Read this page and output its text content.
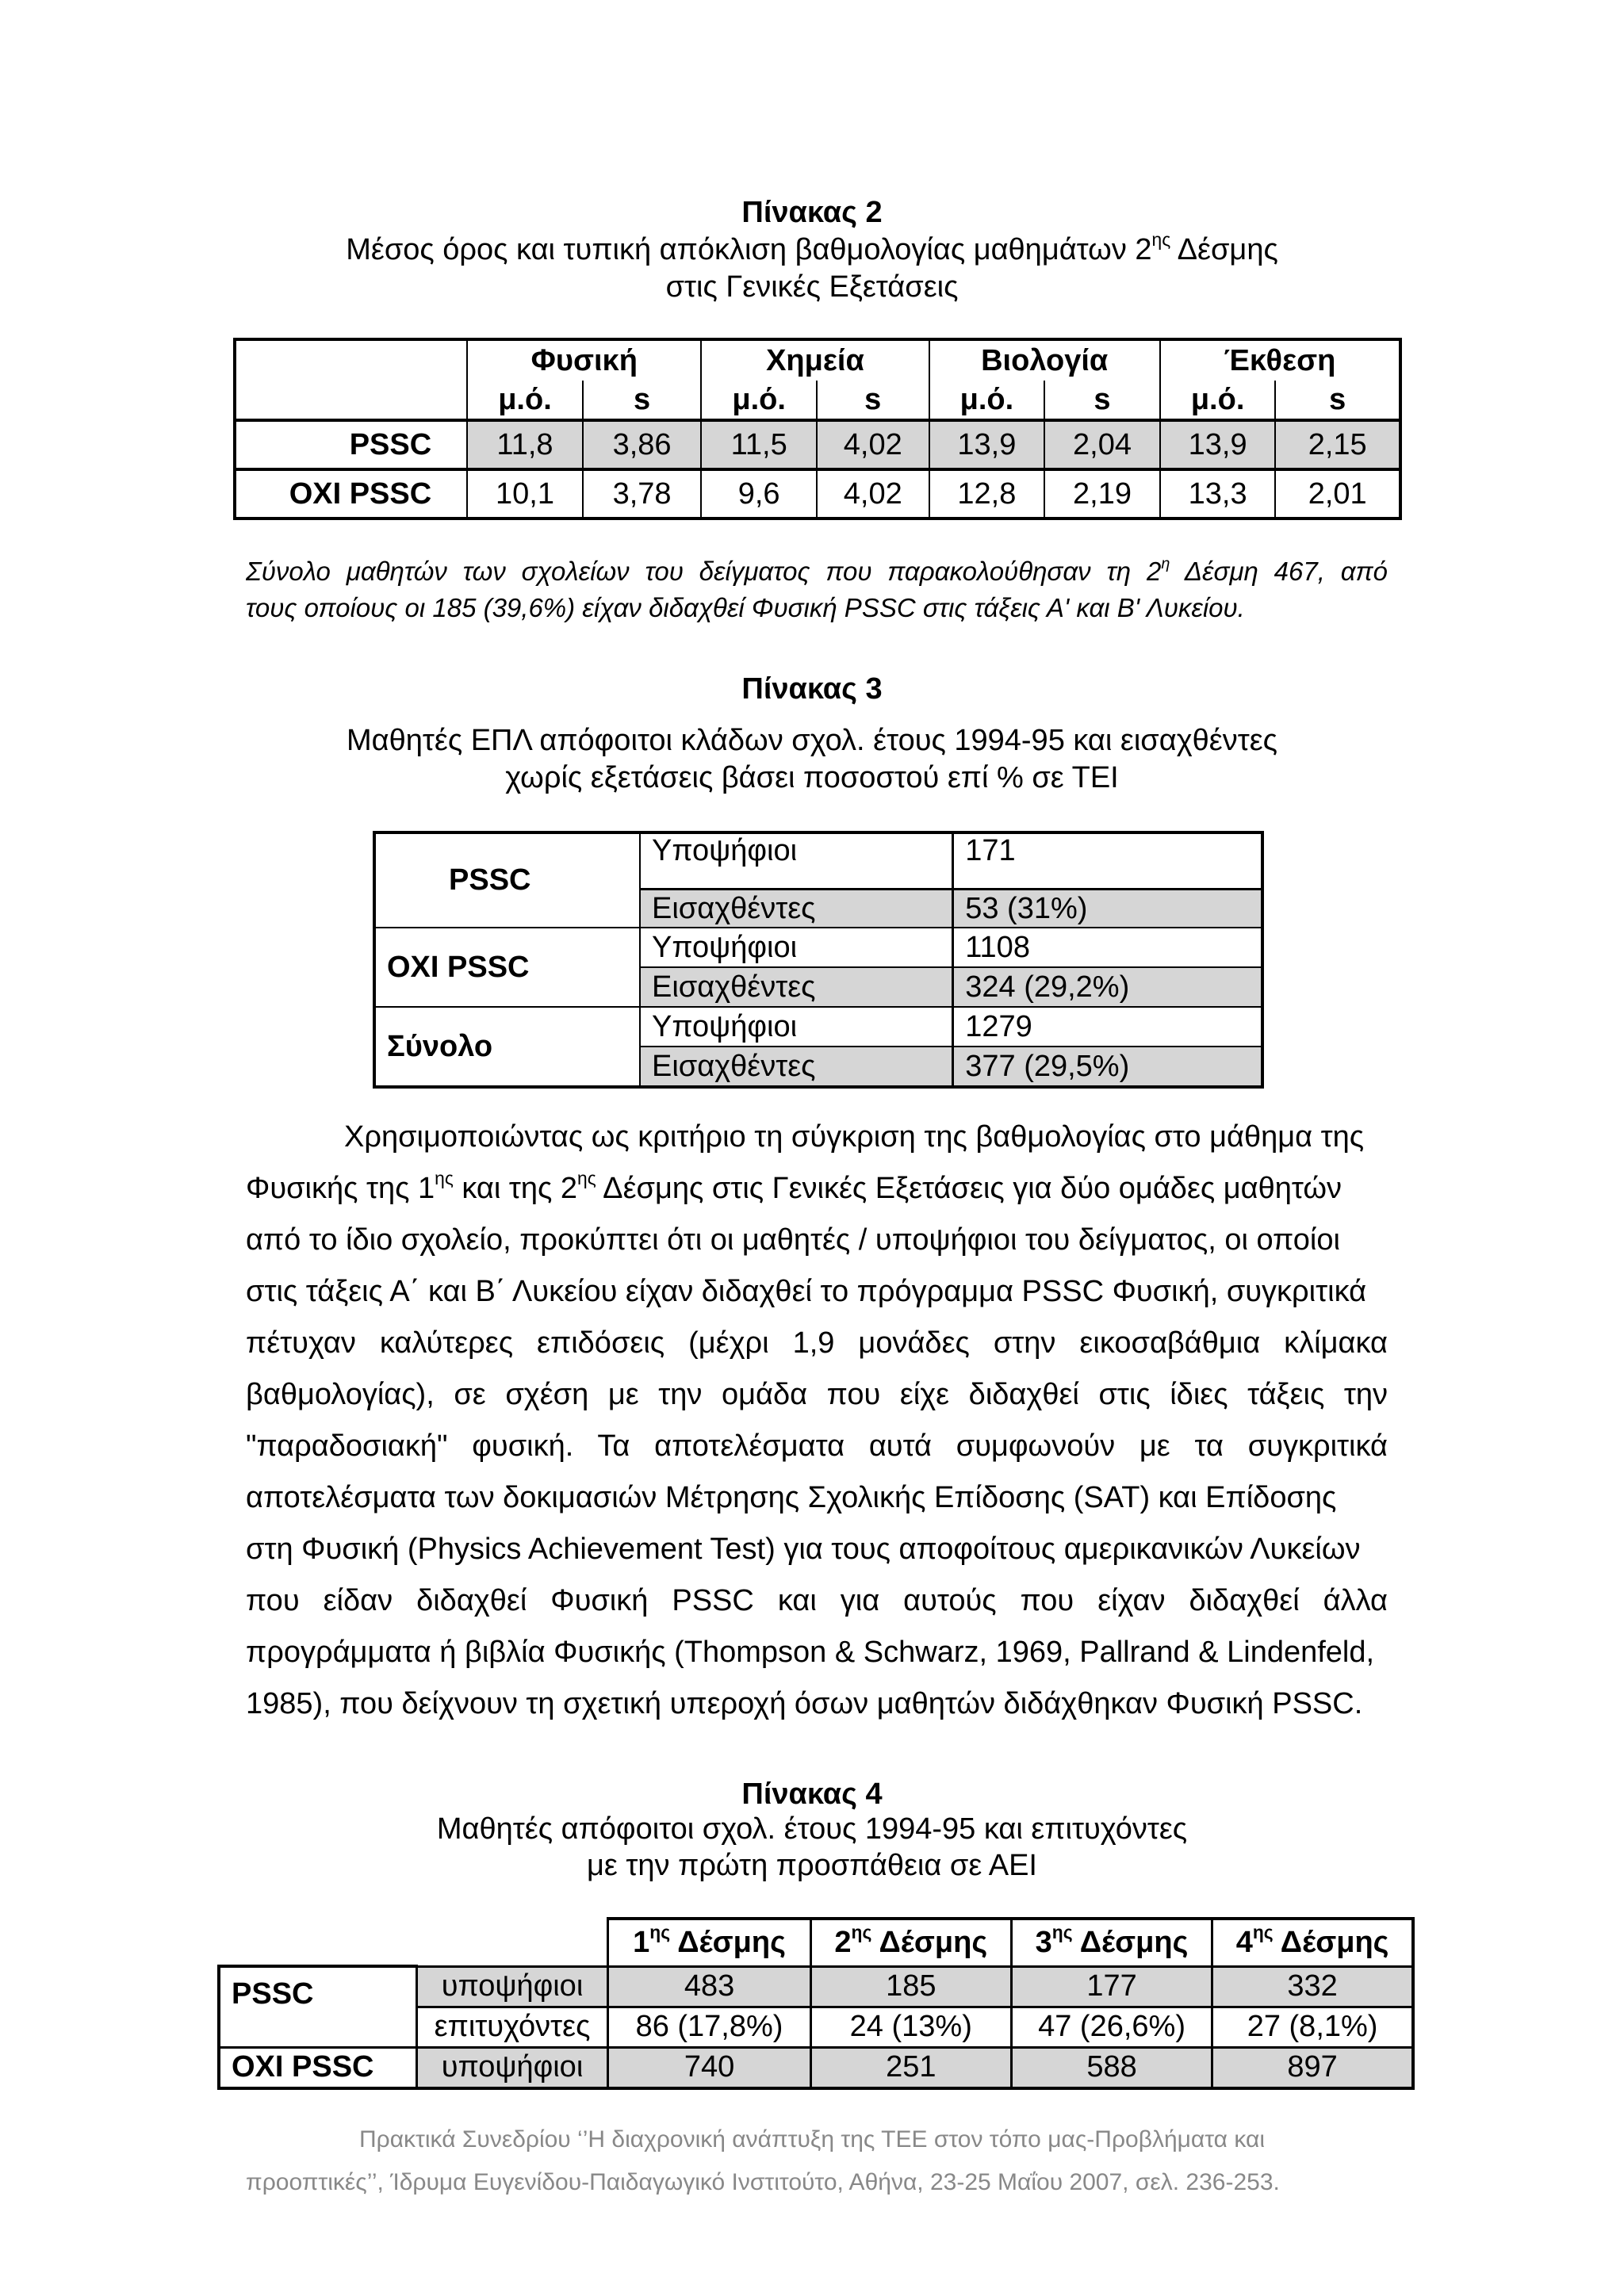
Πίνακας 2
Μέσος όρος και τυπική απόκλιση βαθμολογίας μαθημάτων $2^{\eta\varsigma}$ Δέσμης
στις Γενικές Εξετάσεις
	Φυσική		Χημεία		Βιολογία		Έκθεση	
	μ.ό.	s	μ.ό.	s	μ.ό.	s	μ.ό.	s
PSSC	11,8	3,86	11,5	4,02	13,9	2,04	13,9	2,15
ΟΧΙ PSSC	10,1	3,78	9,6	4,02	12,8	2,19	13,3	2,01
Σύνολο μαθητών των σχολείων του δείγματος που παρακολούθησαν τη $2^\eta$ Δέσμη 467, από
τους οποίους οι 185 (39,6%) είχαν διδαχθεί Φυσική PSSC στις τάξεις Α' και Β' Λυκείου.
Πίνακας 3
Μαθητές ΕΠΛ απόφοιτοι κλάδων σχολ. έτους 1994-95 και εισαχθέντες
χωρίς εξετάσεις βάσει ποσοστού επί % σε ΤΕΙ
PSSC	Υποψήφιοι	171
	Εισαχθέντες	53 (31%)
ΟΧΙ PSSC	Υποψήφιοι	1108
	Εισαχθέντες	324 (29,2%)
Σύνολο	Υποψήφιοι	1279
	Εισαχθέντες	377 (29,5%)
Χρησιμοποιώντας ως κριτήριο τη σύγκριση της βαθμολογίας στο μάθημα της
Φυσικής της $1^{\eta\varsigma}$ και της $2^{\eta\varsigma}$ Δέσμης στις Γενικές Εξετάσεις για δύο ομάδες μαθητών
από το ίδιο σχολείο, προκύπτει ότι οι μαθητές / υποψήφιοι του δείγματος, οι οποίοι
στις τάξεις Α΄ και Β΄ Λυκείου είχαν διδαχθεί το πρόγραμμα PSSC Φυσική, συγκριτικά
πέτυχαν καλύτερες επιδόσεις (μέχρι 1,9 μονάδες στην εικοσαβάθμια κλίμακα
βαθμολογίας), σε σχέση με την ομάδα που είχε διδαχθεί στις ίδιες τάξεις την
"παραδοσιακή" φυσική. Τα αποτελέσματα αυτά συμφωνούν με τα συγκριτικά
αποτελέσματα των δοκιμασιών Μέτρησης Σχολικής Επίδοσης (SAT) και Επίδοσης
στη Φυσική (Physics Achievement Test) για τους αποφοίτους αμερικανικών Λυκείων
που είδαν διδαχθεί Φυσική PSSC και για αυτούς που είχαν διδαχθεί άλλα
προγράμματα ή βιβλία Φυσικής (Thompson & Schwarz, 1969, Pallrand & Lindenfeld,
1985), που δείχνουν τη σχετική υπεροχή όσων μαθητών διδάχθηκαν Φυσική PSSC.
Πίνακας 4
Μαθητές απόφοιτοι σχολ. έτους 1994-95 και επιτυχόντες
με την πρώτη προσπάθεια σε ΑΕΙ
		$1^{\eta\varsigma}$ Δέσμης	$2^{\eta\varsigma}$ Δέσμης	$3^{\eta\varsigma}$ Δέσμης	$4^{\eta\varsigma}$ Δέσμης
PSSC	υποψήφιοι	483	185	177	332
	επιτυχόντες	86 (17,8%)	24 (13%)	47 (26,6%)	27 (8,1%)
ΟΧΙ PSSC	υποψήφιοι	740	251	588	897
Πρακτικά Συνεδρίου ‘’Η διαχρονική ανάπτυξη της ΤΕΕ στον τόπο μας-Προβλήματα και
προοπτικές’’, Ίδρυμα Ευγενίδου-Παιδαγωγικό Ινστιτούτο, Αθήνα, 23-25 Μαΐου 2007, σελ. 236-253.
